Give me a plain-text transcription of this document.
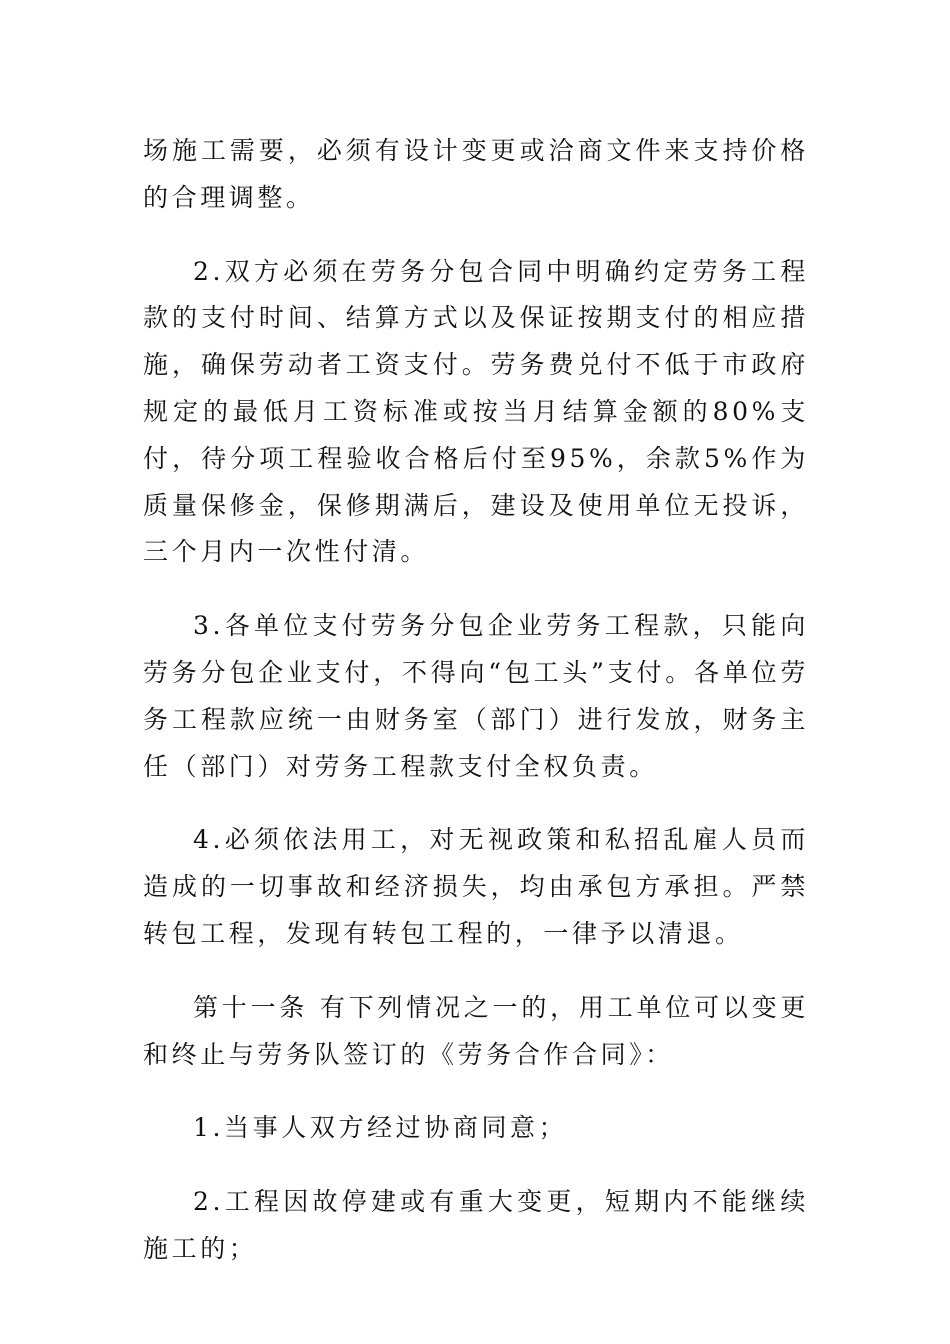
场施工需要，必须有设计变更或洽商文件来支持价格的合理调整。

2.双方必须在劳务分包合同中明确约定劳务工程款的支付时间、结算方式以及保证按期支付的相应措施，确保劳动者工资支付。劳务费兑付不低于市政府规定的最低月工资标准或按当月结算金额的80%支付，待分项工程验收合格后付至95%，余款5%作为质量保修金，保修期满后，建设及使用单位无投诉，三个月内一次性付清。

3.各单位支付劳务分包企业劳务工程款，只能向劳务分包企业支付，不得向“包工头”支付。各单位劳务工程款应统一由财务室（部门）进行发放，财务主任（部门）对劳务工程款支付全权负责。

4.必须依法用工，对无视政策和私招乱雇人员而造成的一切事故和经济损失，均由承包方承担。严禁转包工程，发现有转包工程的，一律予以清退。

第十一条 有下列情况之一的，用工单位可以变更和终止与劳务队签订的《劳务合作合同》：

1.当事人双方经过协商同意；

2.工程因故停建或有重大变更，短期内不能继续施工的；
